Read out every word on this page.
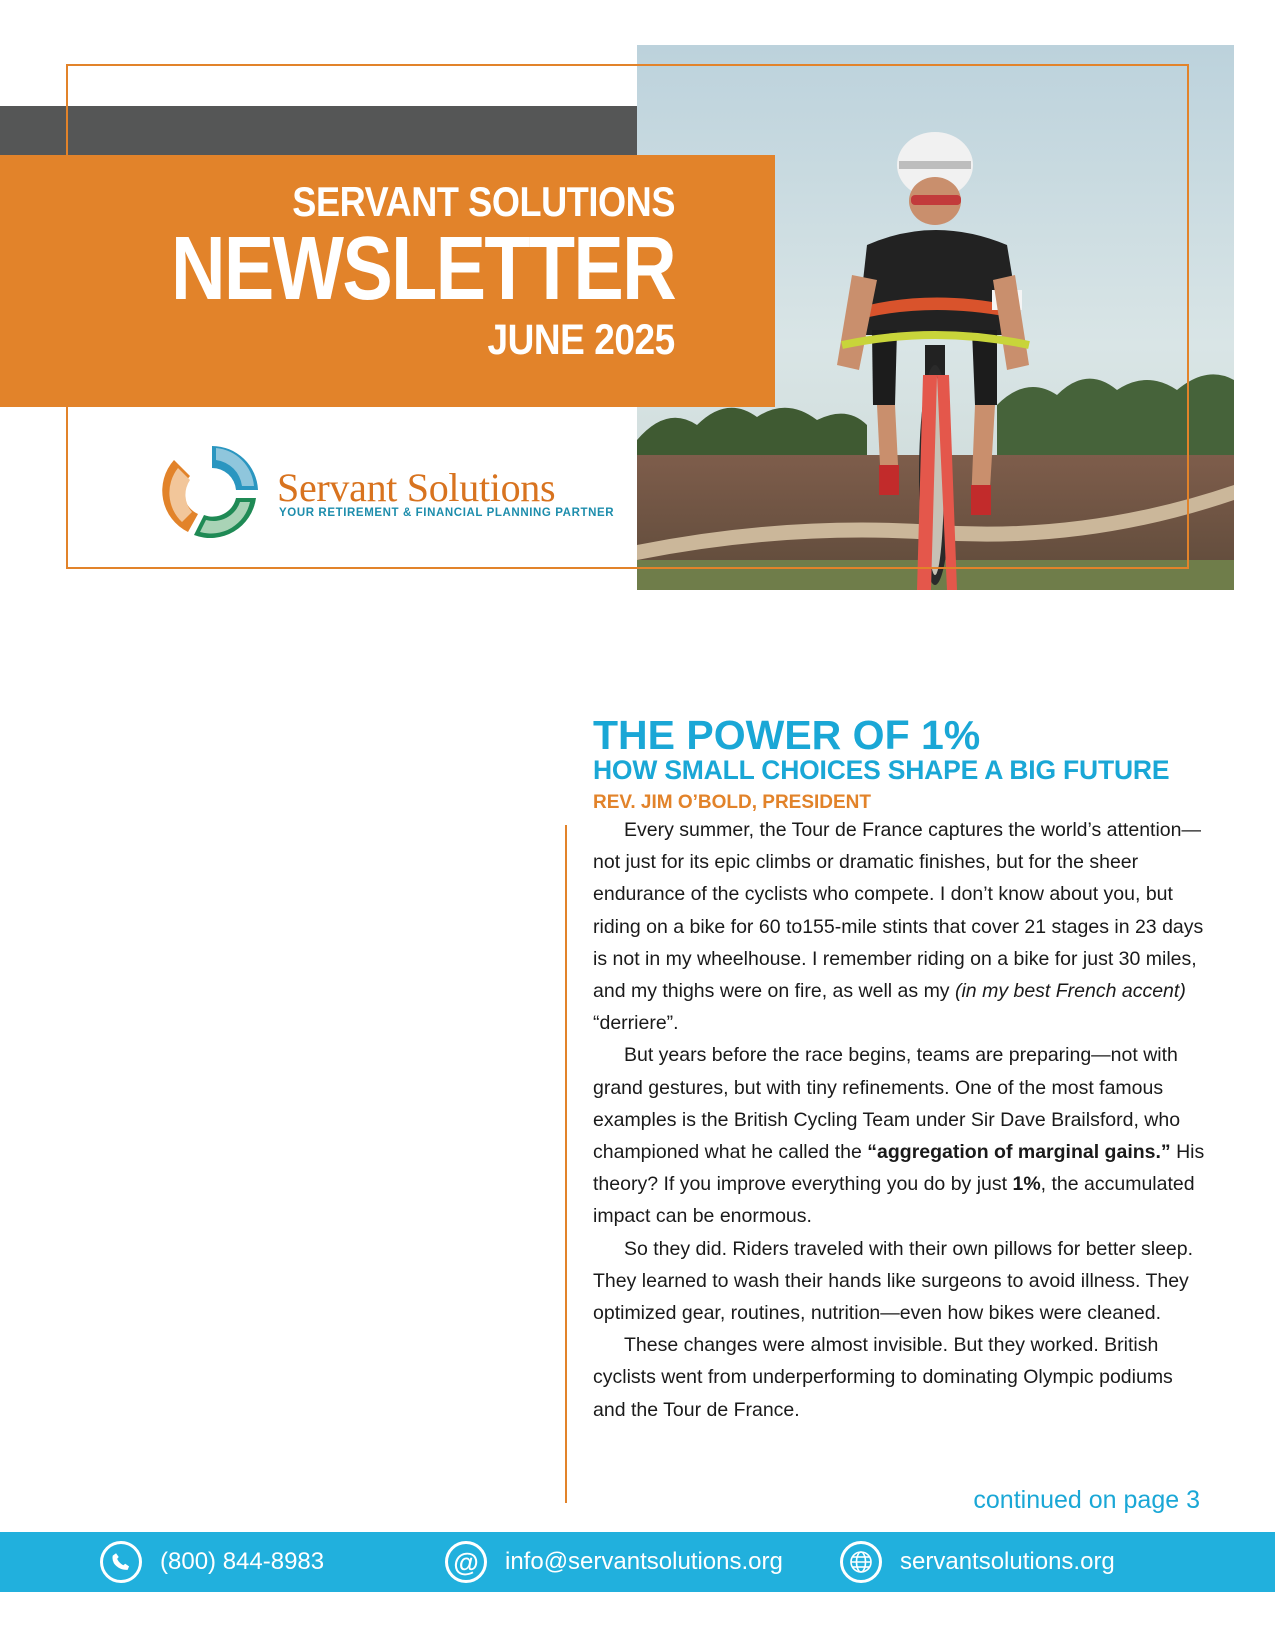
SERVANT SOLUTIONS
NEWSLETTER
JUNE 2025
Servant Solutions
YOUR RETIREMENT & FINANCIAL PLANNING PARTNER
THE POWER OF 1%
HOW SMALL CHOICES SHAPE A BIG FUTURE
REV. JIM O’BOLD, PRESIDENT

Every summer, the Tour de France captures the world’s attention—not just for its epic climbs or dramatic finishes, but for the sheer endurance of the cyclists who compete. I don’t know about you, but riding on a bike for 60 to155-mile stints that cover 21 stages in 23 days is not in my wheelhouse. I remember riding on a bike for just 30 miles, and my thighs were on fire, as well as my (in my best French accent) “derriere”.

But years before the race begins, teams are preparing—not with grand gestures, but with tiny refinements. One of the most famous examples is the British Cycling Team under Sir Dave Brailsford, who championed what he called the “aggregation of marginal gains.” His theory? If you improve everything you do by just 1%, the accumulated impact can be enormous.

So they did. Riders traveled with their own pillows for better sleep. They learned to wash their hands like surgeons to avoid illness. They optimized gear, routines, nutrition—even how bikes were cleaned.

These changes were almost invisible. But they worked. British cyclists went from underperforming to dominating Olympic podiums and the Tour de France.

continued on page 3
(800) 844-8983	@ info@servantsolutions.org	servantsolutions.org
